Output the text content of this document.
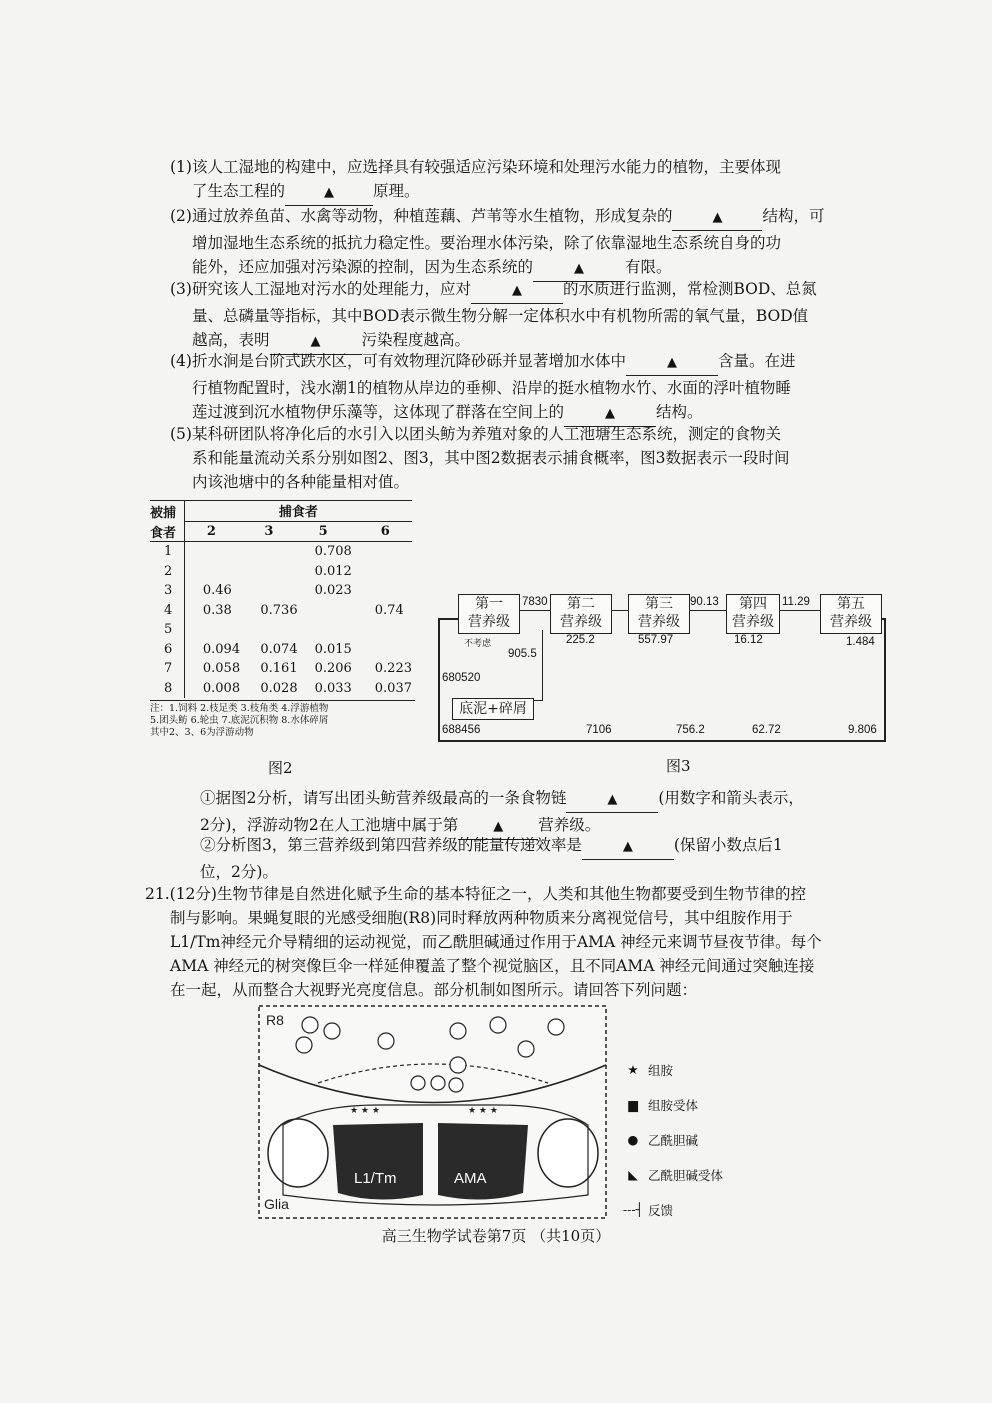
(1)该人工湿地的构建中，应选择具有较强适应污染环境和处理污水能力的植物，主要体现

了生态工程的	▲	原理。

(2)通过放养鱼苗、水禽等动物，种植莲藕、芦苇等水生植物，形成复杂的	▲	结构，可

增加湿地生态系统的抵抗力稳定性。要治理水体污染，除了依靠湿地生态系统自身的功

能外，还应加强对污染源的控制，因为生态系统的	▲	有限。

(3)研究该人工湿地对污水的处理能力，应对	▲	的水质进行监测，常检测BOD、总氮

量、总磷量等指标，其中BOD表示微生物分解一定体积水中有机物所需的氧气量，BOD值

越高，表明	▲	污染程度越高。

(4)折水涧是台阶式跌水区，可有效物理沉降砂砾并显著增加水体中	▲	含量。在进

行植物配置时，浅水潮1的植物从岸边的垂柳、沿岸的挺水植物水竹、水面的浮叶植物睡

莲过渡到沉水植物伊乐藻等，这体现了群落在空间上的	▲	结构。

(5)某科研团队将净化后的水引入以团头鲂为养殖对象的人工池塘生态系统，测定的食物关

系和能量流动关系分别如图2、图3，其中图2数据表示捕食概率，图3数据表示一段时间

内该池塘中的各种能量相对值。

被捕	捕食者			
食者	2	3	5	6
1			0.708	
2			0.012	
3	0.46		0.023	
4	0.38	0.736		0.74
5				
6	0.094	0.074	0.015	
7	0.058	0.161	0.206	0.223
8	0.008	0.028	0.033	0.037
注：1.饲料 2.枝足类 3.枝角类 4.浮游植物
5.团头鲂 6.轮虫 7.底泥沉积物 8.水体碎屑
其中2、3、6为浮游动物
图2
第一
营养级
第二
营养级
第三
营养级
第四
营养级
第五
营养级
底泥+碎屑
7830	90.13	11.29
不考虑
905.5
225.2	557.97	16.12	1.484
680520
688456	7106	756.2	62.72	9.806
图3

①据图2分析，请写出团头鲂营养级最高的一条食物链	▲	(用数字和箭头表示，

2分)，浮游动物2在人工池塘中属于第	▲ 营养级。

②分析图3，第三营养级到第四营养级的能量传递效率是	▲	(保留小数点后1

位，2分)。

21.(12分)生物节律是自然进化赋予生命的基本特征之一，人类和其他生物都要受到生物节律的控

制与影响。果蝇复眼的光感受细胞(R8)同时释放两种物质来分离视觉信号，其中组胺作用于

L1/Tm神经元介导精细的运动视觉，而乙酰胆碱通过作用于AMA 神经元来调节昼夜节律。每个

AMA 神经元的树突像巨伞一样延伸覆盖了整个视觉脑区，且不同AMA 神经元间通过突触连接

在一起，从而整合大视野光亮度信息。部分机制如图所示。请回答下列问题：

★ ★ ★	★ ★ ★
R8
L1/Tm	AMA
Glia
★ 组胺
▆ 组胺受体
● 乙酰胆碱
◣ 乙酰胆碱受体
---┤ 反馈
高三生物学试卷第7页 （共10页）
